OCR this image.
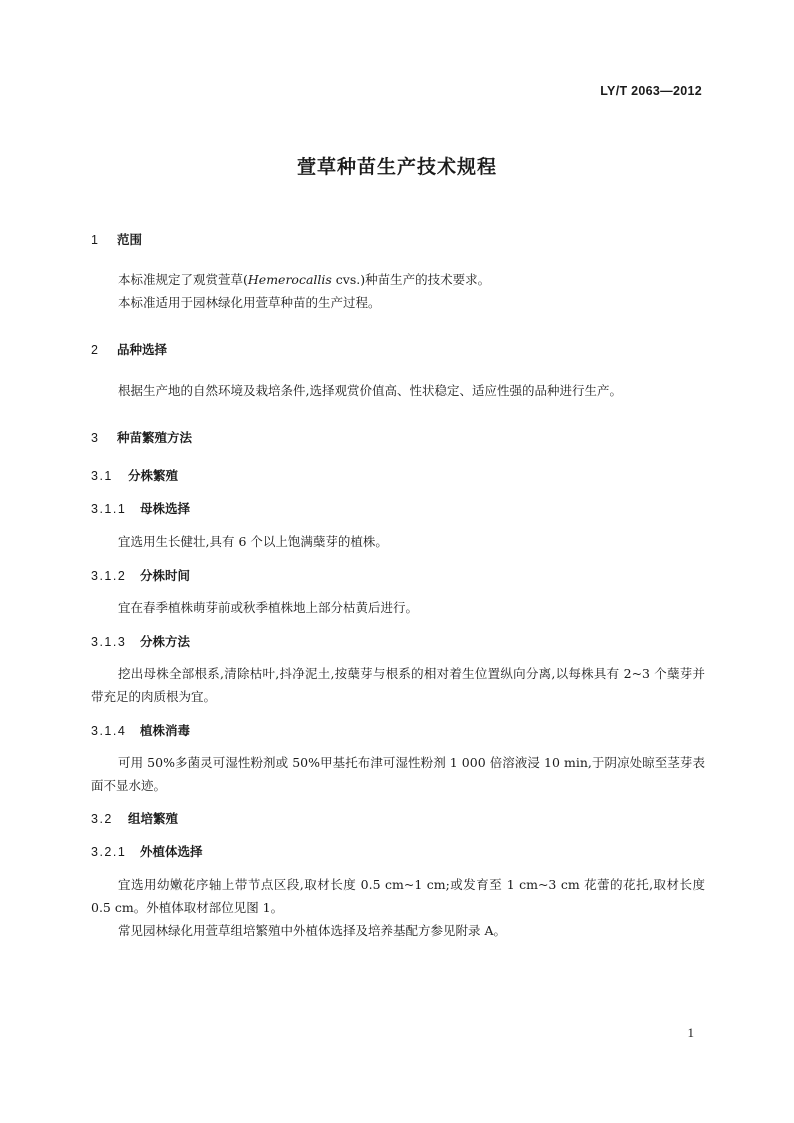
LY/T 2063—2012
萱草种苗生产技术规程
1 范围
本标准规定了观赏萱草(Hemerocallis cvs.)种苗生产的技术要求。
本标准适用于园林绿化用萱草种苗的生产过程。
2 品种选择
根据生产地的自然环境及栽培条件,选择观赏价值高、性状稳定、适应性强的品种进行生产。
3 种苗繁殖方法
3.1 分株繁殖
3.1.1 母株选择
宜选用生长健壮,具有 6 个以上饱满蘖芽的植株。
3.1.2 分株时间
宜在春季植株萌芽前或秋季植株地上部分枯黄后进行。
3.1.3 分株方法
挖出母株全部根系,清除枯叶,抖净泥土,按蘖芽与根系的相对着生位置纵向分离,以每株具有 2~3 个蘖芽并带充足的肉质根为宜。
3.1.4 植株消毒
可用 50%多菌灵可湿性粉剂或 50%甲基托布津可湿性粉剂 1 000 倍溶液浸 10 min,于阴凉处晾至茎芽表面不显水迹。
3.2 组培繁殖
3.2.1 外植体选择
宜选用幼嫩花序轴上带节点区段,取材长度 0.5 cm~1 cm;或发育至 1 cm~3 cm 花蕾的花托,取材长度 0.5 cm。外植体取材部位见图 1。
常见园林绿化用萱草组培繁殖中外植体选择及培养基配方参见附录 A。
1
